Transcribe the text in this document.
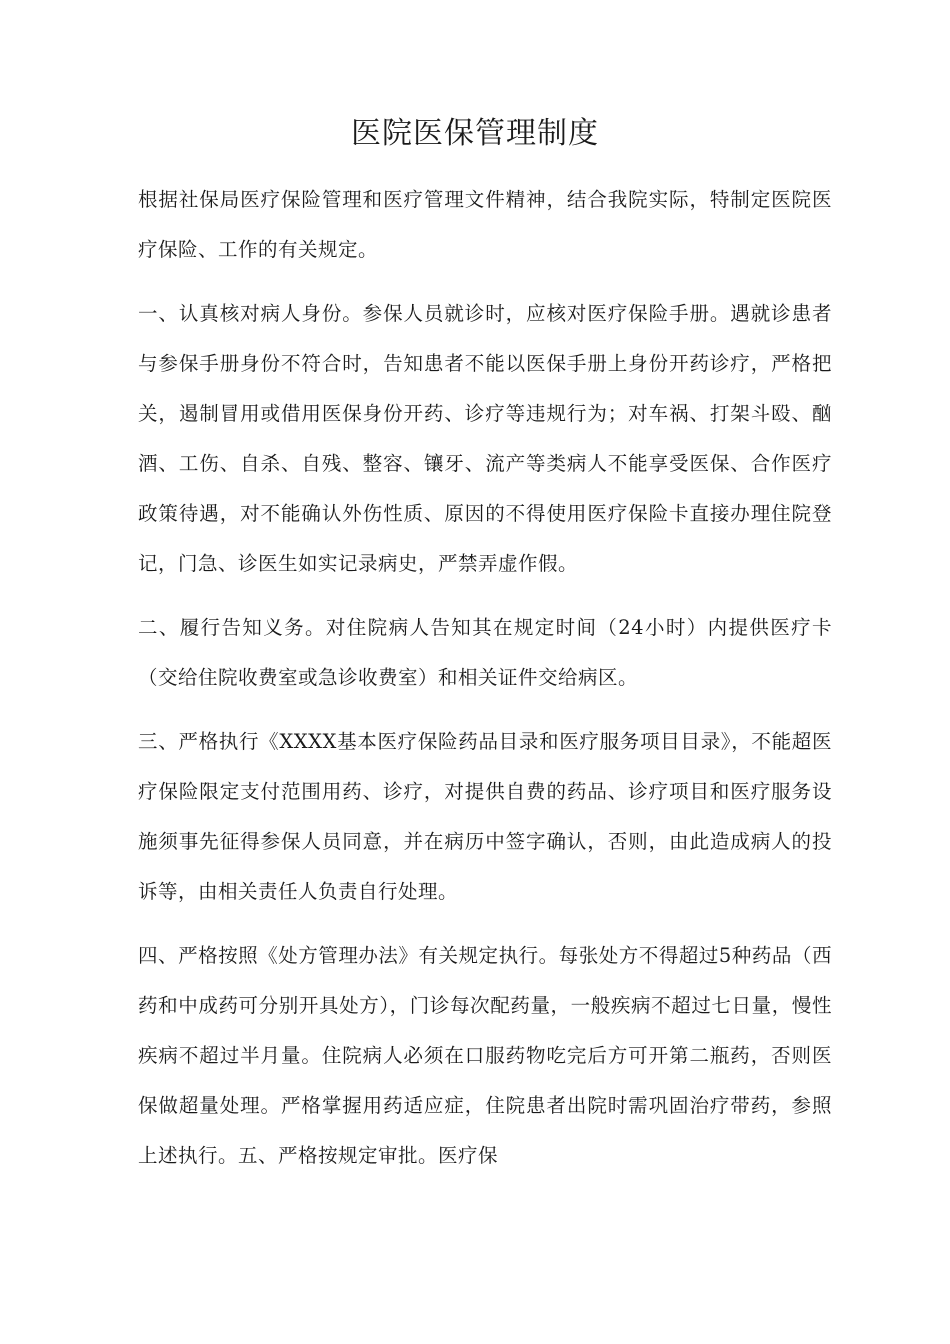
医院医保管理制度

根据社保局医疗保险管理和医疗管理文件精神，结合我院实际，特制定医院医疗保险、工作的有关规定。

一、认真核对病人身份。参保人员就诊时，应核对医疗保险手册。遇就诊患者与参保手册身份不符合时，告知患者不能以医保手册上身份开药诊疗，严格把关，遏制冒用或借用医保身份开药、诊疗等违规行为；对车祸、打架斗殴、酗酒、工伤、自杀、自残、整容、镶牙、流产等类病人不能享受医保、合作医疗政策待遇，对不能确认外伤性质、原因的不得使用医疗保险卡直接办理住院登记，门急、诊医生如实记录病史，严禁弄虚作假。

二、履行告知义务。对住院病人告知其在规定时间（24小时）内提供医疗卡（交给住院收费室或急诊收费室）和相关证件交给病区。

三、严格执行《XXXX基本医疗保险药品目录和医疗服务项目目录》，不能超医疗保险限定支付范围用药、诊疗，对提供自费的药品、诊疗项目和医疗服务设施须事先征得参保人员同意，并在病历中签字确认，否则，由此造成病人的投诉等，由相关责任人负责自行处理。

四、严格按照《处方管理办法》有关规定执行。每张处方不得超过5种药品（西药和中成药可分别开具处方），门诊每次配药量，一般疾病不超过七日量，慢性疾病不超过半月量。住院病人必须在口服药物吃完后方可开第二瓶药，否则医保做超量处理。严格掌握用药适应症，住院患者出院时需巩固治疗带药，参照上述执行。五、严格按规定审批。医疗保
